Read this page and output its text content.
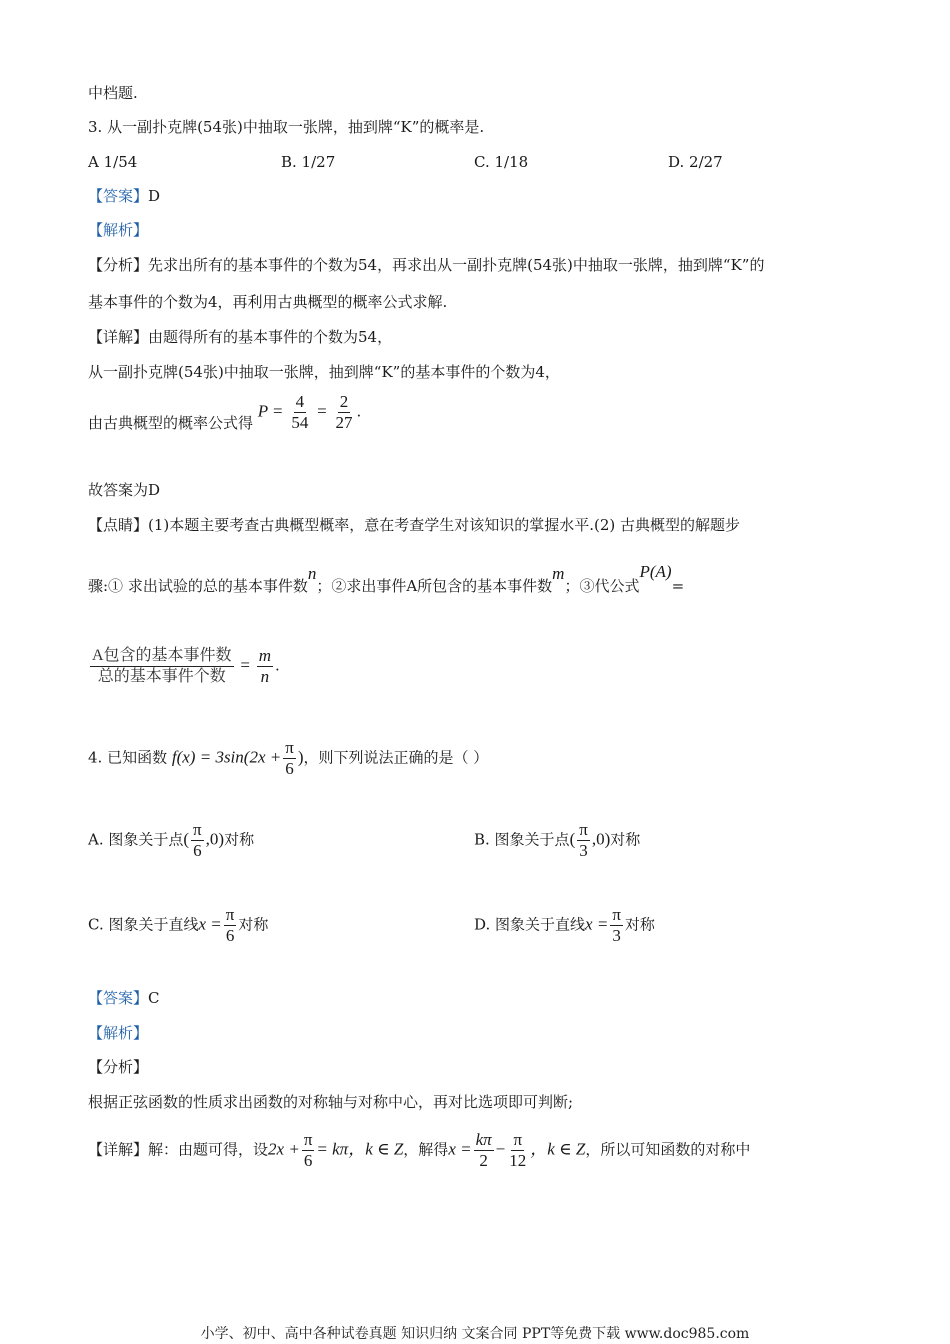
中档题.
3. 从一副扑克牌(54张)中抽取一张牌，抽到牌“K”的概率是.
A 1/54	B. 1/27	C. 1/18	D. 2/27
【答案】D
【解析】
【分析】先求出所有的基本事件的个数为54，再求出从一副扑克牌(54张)中抽取一张牌，抽到牌“K”的
基本事件的个数为4，再利用古典概型的概率公式求解.
【详解】由题得所有的基本事件的个数为54，
从一副扑克牌(54张)中抽取一张牌，抽到牌“K”的基本事件的个数为4，
由古典概型的概率公式得 $P = \frac{4}{54} = \frac{2}{27}$ .
故答案为D
【点睛】(1)本题主要考查古典概型概率，意在考查学生对该知识的掌握水平.(2) 古典概型的解题步
骤:① 求出试验的总的基本事件数n；②求出事件A所包含的基本事件数m；③代公式P(A)=
$\frac{\text{A包含的基本事件数}}{\text{总的基本事件个数}} = \frac{m}{n}$ .
4. 已知函数 $f(x) = 3\sin(2x + \frac{\pi}{6}$ )，则下列说法正确的是（ ）
A. 图象关于点( $\frac{\pi}{6} ,0$)对称	B. 图象关于点( $\frac{\pi}{3} ,0$)对称
C. 图象关于直线$x = \frac{\pi}{6}$ 对称	D. 图象关于直线$x = \frac{\pi}{3}$ 对称
【答案】C
【解析】
【分析】
根据正弦函数的性质求出函数的对称轴与对称中心，再对比选项即可判断;
【详解】解：由题可得，设$2x + \frac{\pi}{6} = k\pi$，k ∈ Z，解得$x = \frac{k\pi}{2} - \frac{\pi}{12}$ ，k ∈ Z，所以可知函数的对称中
小学、初中、高中各种试卷真题 知识归纳 文案合同 PPT等免费下载 www.doc985.com
